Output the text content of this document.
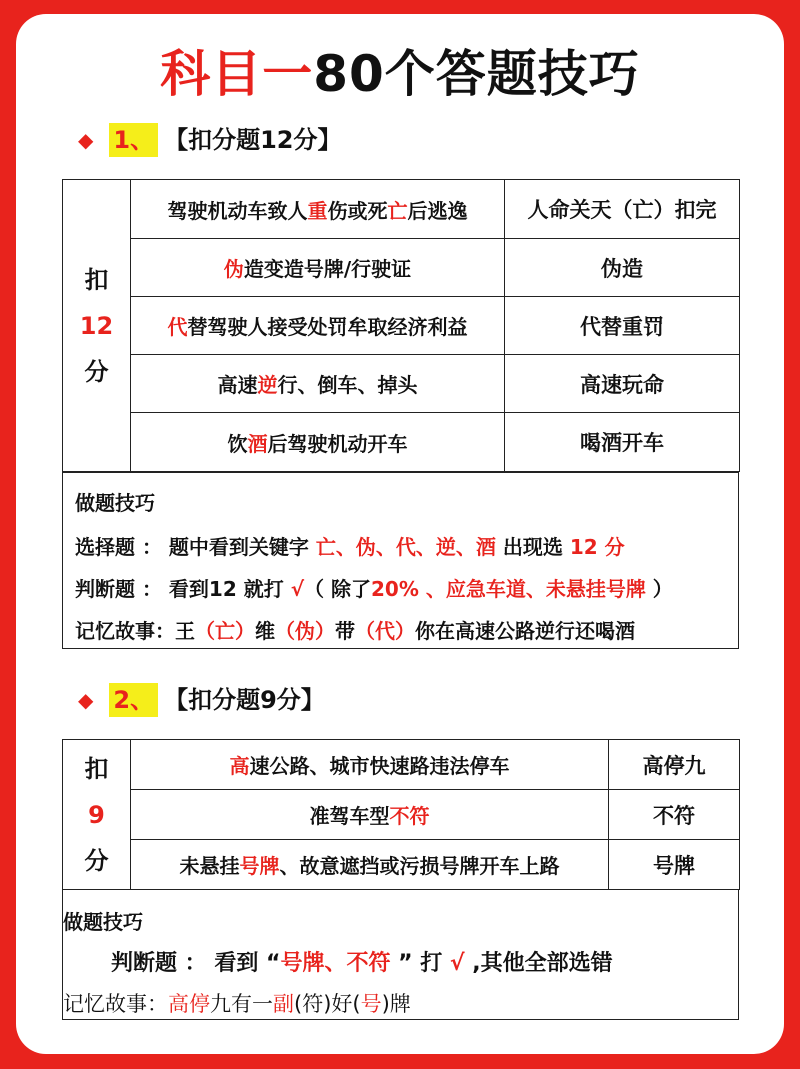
科目一80个答题技巧
◆ 1、 【扣分题12分】
扣
12
分	驾驶机动车致人重伤或死亡后逃逸	人命关天（亡）扣完
	伪造变造号牌/行驶证	伪造
	代替驾驶人接受处罚牟取经济利益	代替重罚
	高速逆行、倒车、掉头	高速玩命
	饮酒后驾驶机动开车	喝酒开车
做题技巧
选择题 ： 题中看到关键字 亡、伪、代、逆、酒 出现选 12 分
判断题 ： 看到12 就打 √（ 除了20% 、应急车道、未悬挂号牌 ）
记忆故事：王（亡）维（伪）带（代）你在高速公路逆行还喝酒
◆ 2、 【扣分题9分】
扣
9
分	高速公路、城市快速路违法停车	高停九
	准驾车型不符	不符
	未悬挂号牌、故意遮挡或污损号牌开车上路	号牌
做题技巧
判断题 ： 看到 “号牌、不符 ” 打 √ ,其他全部选错
记忆故事：高停九有一副(符)好(号)牌
